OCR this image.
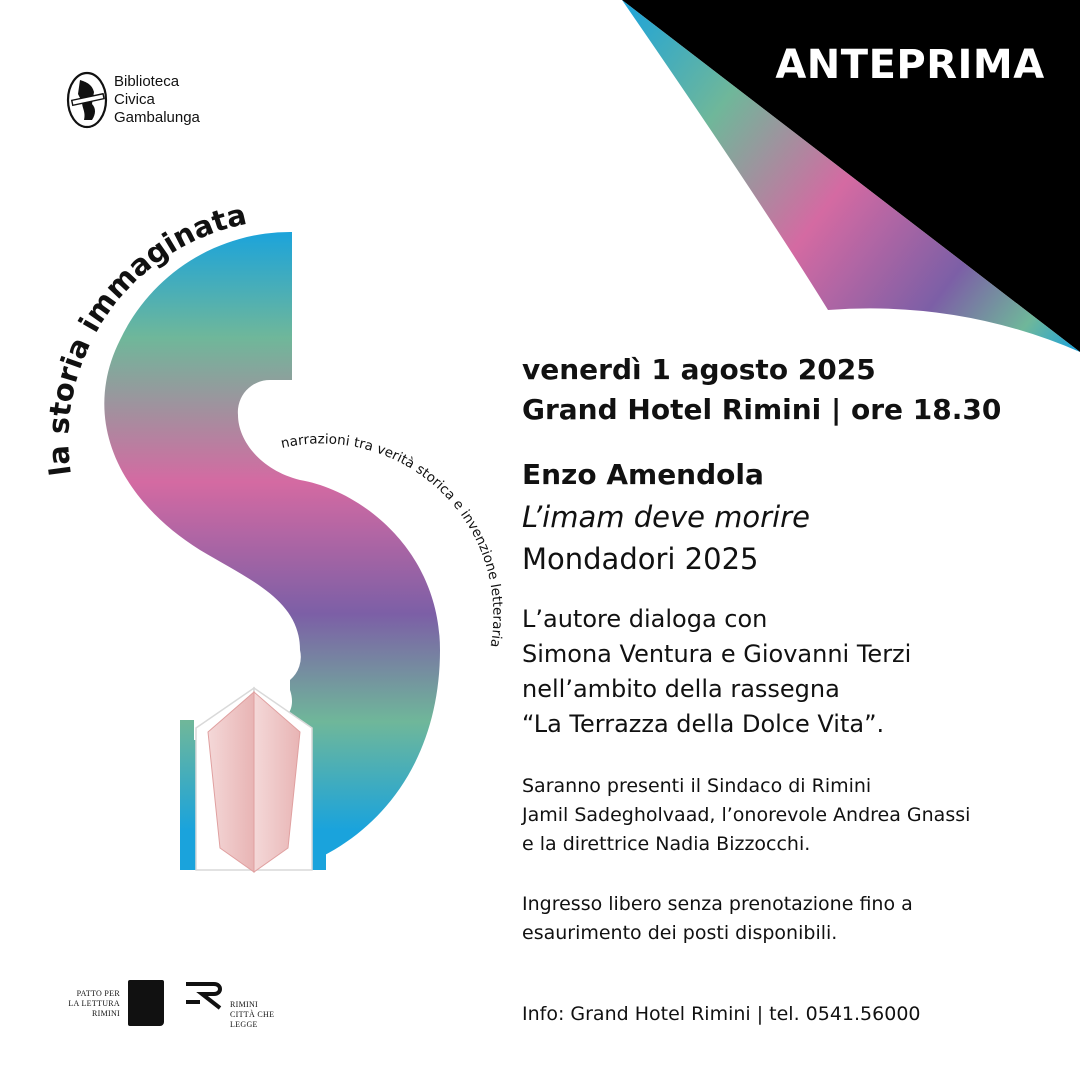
ANTEPRIMA
Biblioteca
Civica
Gambalunga
la storia immaginata
narrazioni tra verità storica e invenzione letteraria
venerdì 1 agosto 2025
Grand Hotel Rimini | ore 18.30
Enzo Amendola
L’imam deve morire
Mondadori 2025

L’autore dialoga con

Simona Ventura e Giovanni Terzi

nell’ambito della rassegna

“La Terrazza della Dolce Vita”.

Saranno presenti il Sindaco di Rimini

Jamil Sadegholvaad, l’onorevole Andrea Gnassi

e la direttrice Nadia Bizzocchi.

Ingresso libero senza prenotazione fino a

esaurimento dei posti disponibili.

Info: Grand Hotel Rimini | tel. 0541.56000

PATTO PER
LA LETTURA
RIMINI
RIMINI
CITTÀ CHE
LEGGE
